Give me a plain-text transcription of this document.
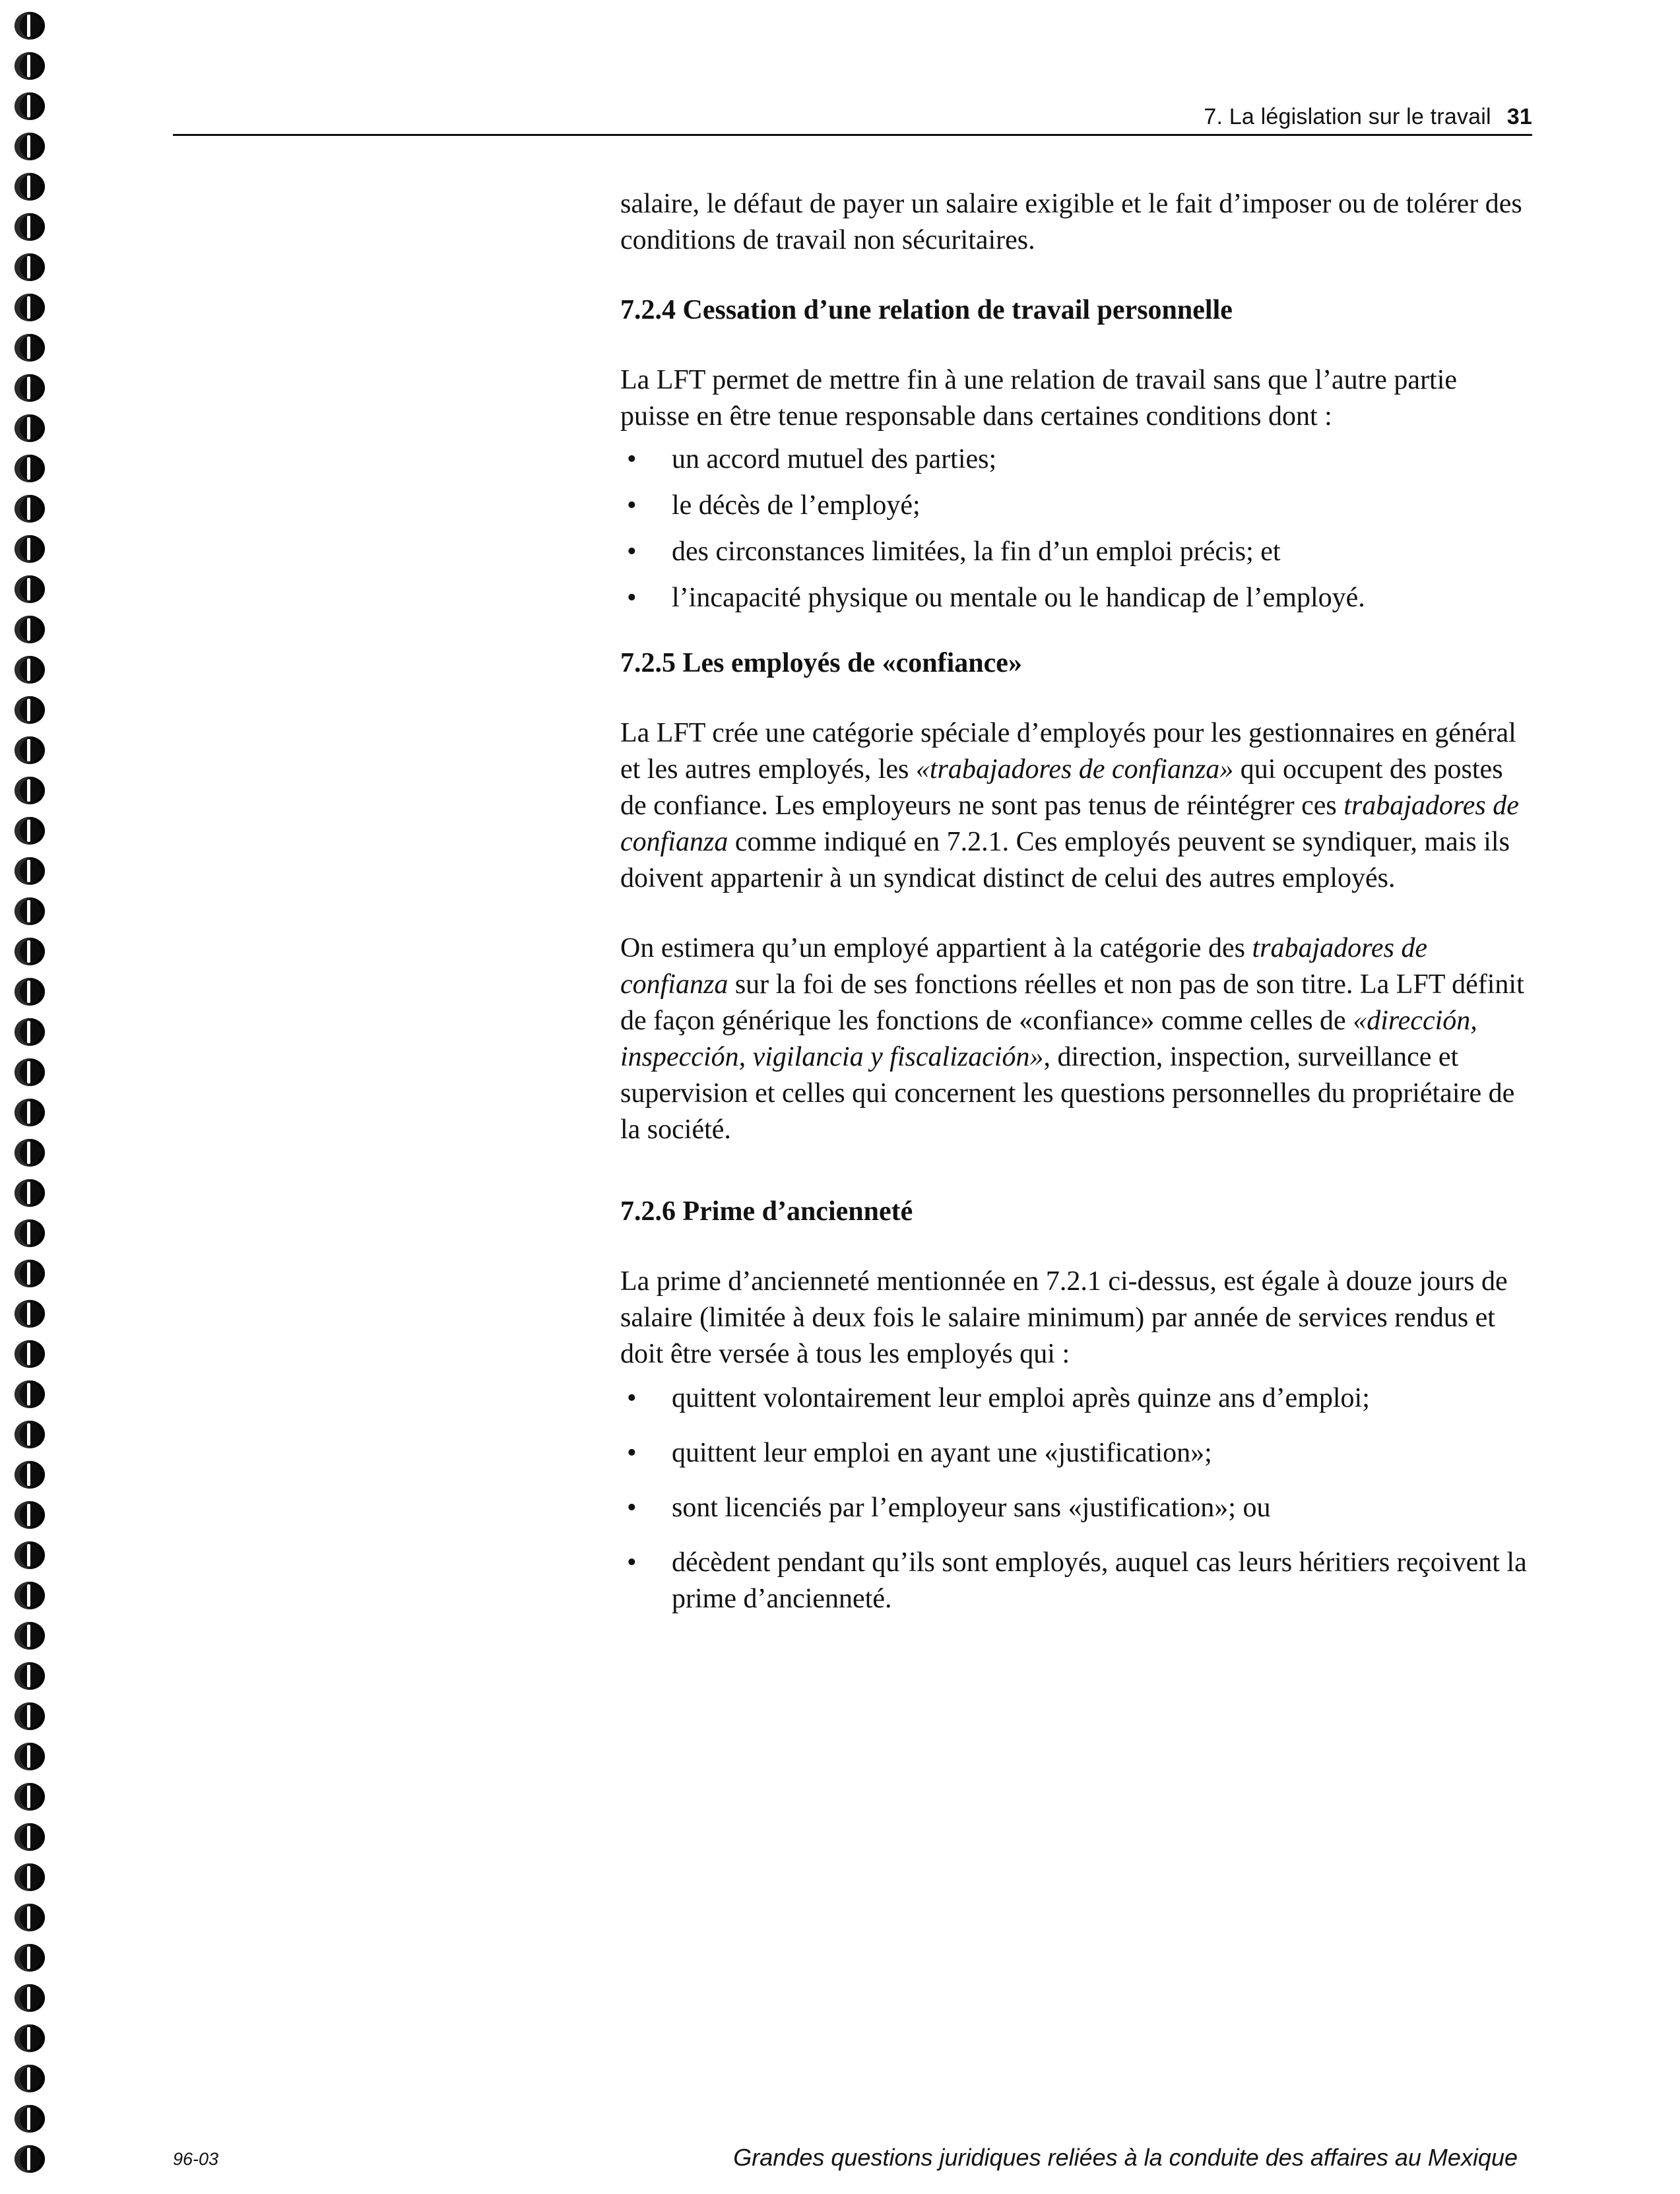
7. La législation sur le travail 31

salaire, le défaut de payer un salaire exigible et le fait d’imposer ou de tolérer des conditions de travail non sécuritaires.

7.2.4 Cessation d’une relation de travail personnelle

La LFT permet de mettre fin à une relation de travail sans que l’autre partie puisse en être tenue responsable dans certaines conditions dont :

• un accord mutuel des parties;
• le décès de l’employé;
• des circonstances limitées, la fin d’un emploi précis; et
• l’incapacité physique ou mentale ou le handicap de l’employé.
7.2.5 Les employés de «confiance»

La LFT crée une catégorie spéciale d’employés pour les gestionnaires en général et les autres employés, les «trabajadores de confianza» qui occupent des postes de confiance. Les employeurs ne sont pas tenus de réintégrer ces trabajadores de confianza comme indiqué en 7.2.1. Ces employés peuvent se syndiquer, mais ils doivent appartenir à un syndicat distinct de celui des autres employés.

On estimera qu’un employé appartient à la catégorie des trabajadores de confianza sur la foi de ses fonctions réelles et non pas de son titre. La LFT définit de façon générique les fonctions de «confiance» comme celles de «dirección, inspección, vigilancia y fiscalización», direction, inspection, surveillance et supervision et celles qui concernent les questions personnelles du propriétaire de la société.

7.2.6 Prime d’ancienneté

La prime d’ancienneté mentionnée en 7.2.1 ci-dessus, est égale à douze jours de salaire (limitée à deux fois le salaire minimum) par année de services rendus et doit être versée à tous les employés qui :

• quittent volontairement leur emploi après quinze ans d’emploi;
• quittent leur emploi en ayant une «justification»;
• sont licenciés par l’employeur sans «justification»; ou
• décèdent pendant qu’ils sont employés, auquel cas leurs héritiers reçoivent la prime d’ancienneté.
96-03	Grandes questions juridiques reliées à la conduite des affaires au Mexique
